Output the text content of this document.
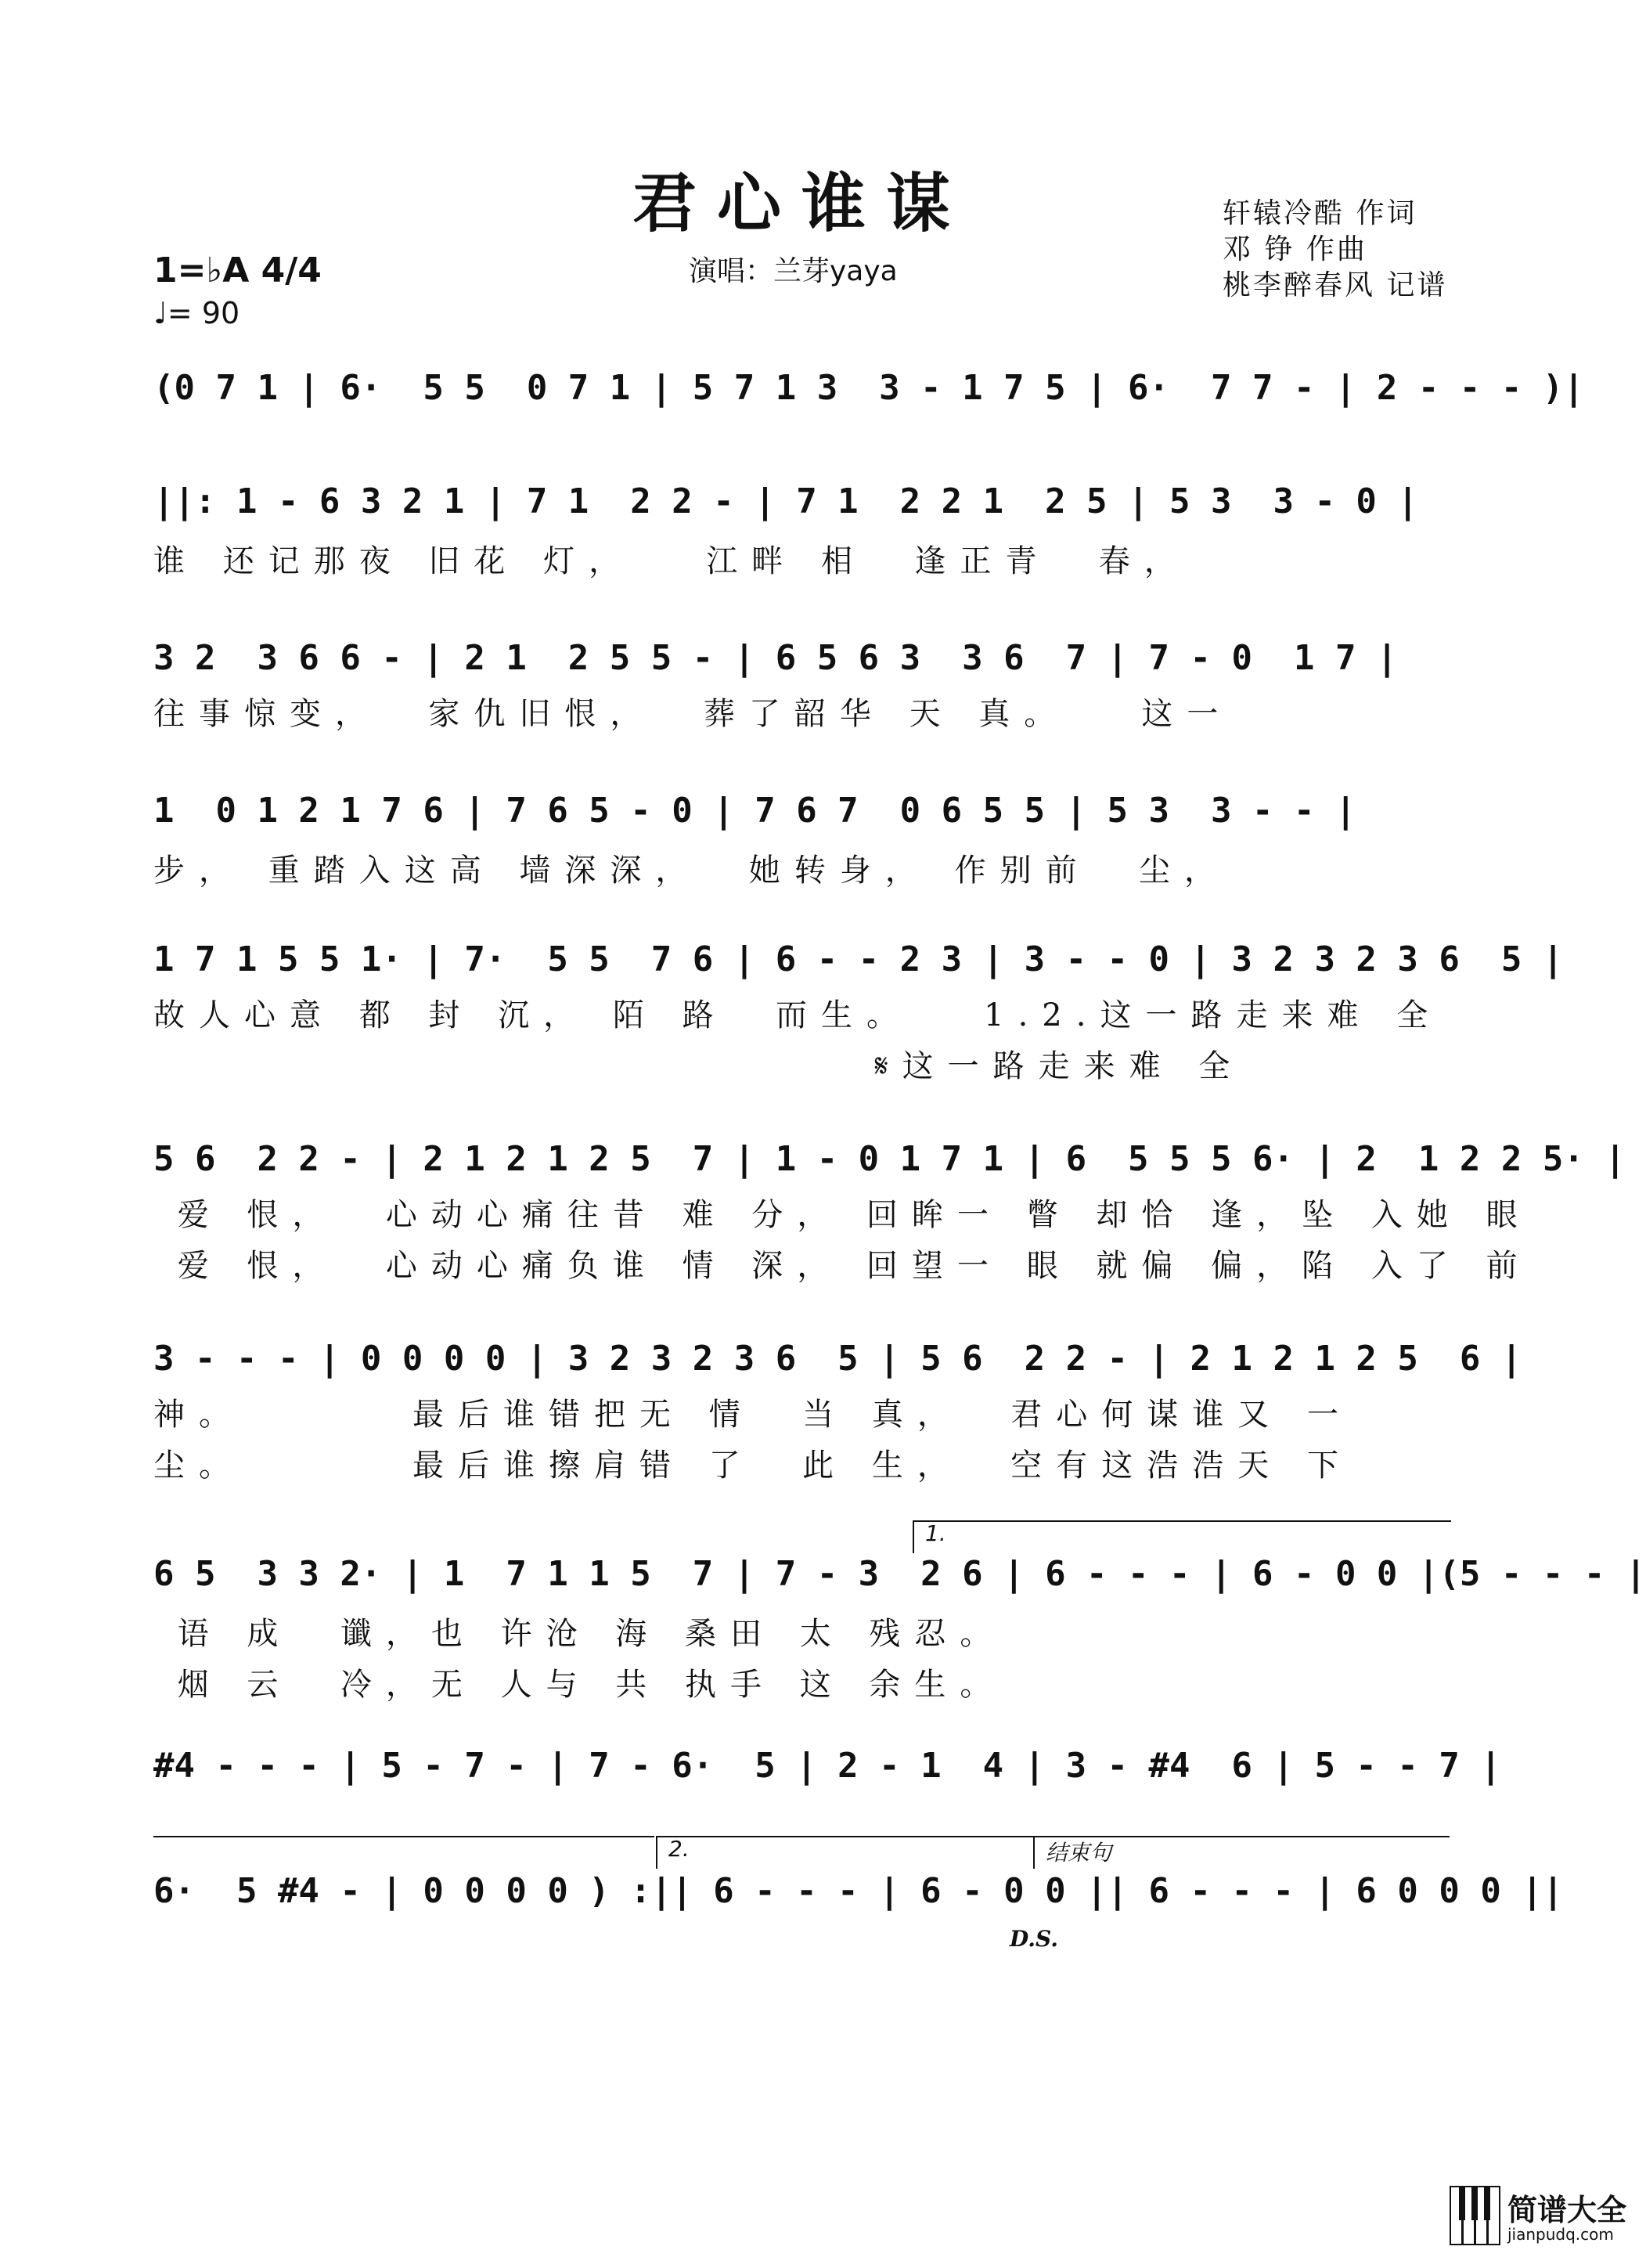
君心谁谋
演唱：兰芽yaya
轩辕冷酷 作词
邓 铮 作曲
桃李醉春风 记谱
1=♭A 4/4
♩= 90
(0 7 1 | 6·  5 5  0 7 1 | 5 7 1 3  3 - 1 7 5 | 6·  7 7 - | 2 - - - )|
||: 1 - 6 3 2 1 | 7 1  2 2 - | 7 1  2 2 1  2 5 | 5 3  3 - 0 |
谁 还记那夜 旧花 灯，   江畔 相  逢正青  春，
3 2  3 6 6 - | 2 1  2 5 5 - | 6 5 6 3  3 6  7 | 7 - 0  1 7 |
往事惊变，  家仇旧恨，  葬了韶华 天 真。   这一
1  0 1 2 1 7 6 | 7 6 5 - 0 | 7 6 7  0 6 5 5 | 5 3  3 - - |
步， 重踏入这高 墙深深，  她转身， 作别前  尘，
1 7 1 5 5 1· | 7·  5 5  7 6 | 6 - - 2 3 | 3 - - 0 | 3 2 3 2 3 6  5 |
故人心意 都 封 沉， 陌 路  而生。   1.2.这一路走来难 全
𝄋这一路走来难 全
5 6  2 2 - | 2 1 2 1 2 5  7 | 1 - 0 1 7 1 | 6  5 5 5 6· | 2  1 2 2 5· |
爱 恨，  心动心痛往昔 难 分， 回眸一 瞥 却恰 逢，坠 入她 眼
爱 恨，  心动心痛负谁 情 深， 回望一 眼 就偏 偏，陷 入了 前
3 - - - | 0 0 0 0 | 3 2 3 2 3 6  5 | 5 6  2 2 - | 2 1 2 1 2 5  6 |
神。       最后谁错把无 情  当 真，  君心何谋谁又 一
尘。       最后谁擦肩错 了  此 生，  空有这浩浩天 下
1.
6 5  3 3 2· | 1  7 1 1 5  7 | 7 - 3  2 6 | 6 - - - | 6 - 0 0 |(5 - - - |
语 成  谶，也 许沧 海 桑田 太 残忍。
烟 云  冷，无 人与 共 执手 这 余生。
#4 - - - | 5 - 7 - | 7 - 6·  5 | 2 - 1  4 | 3 - #4  6 | 5 - - 7 |
2.	结束句
6·  5 #4 - | 0 0 0 0 ) :|| 6 - - - | 6 - 0 0 || 6 - - - | 6 0 0 0 ||
D.S.
简谱大全
jianpudq.com
